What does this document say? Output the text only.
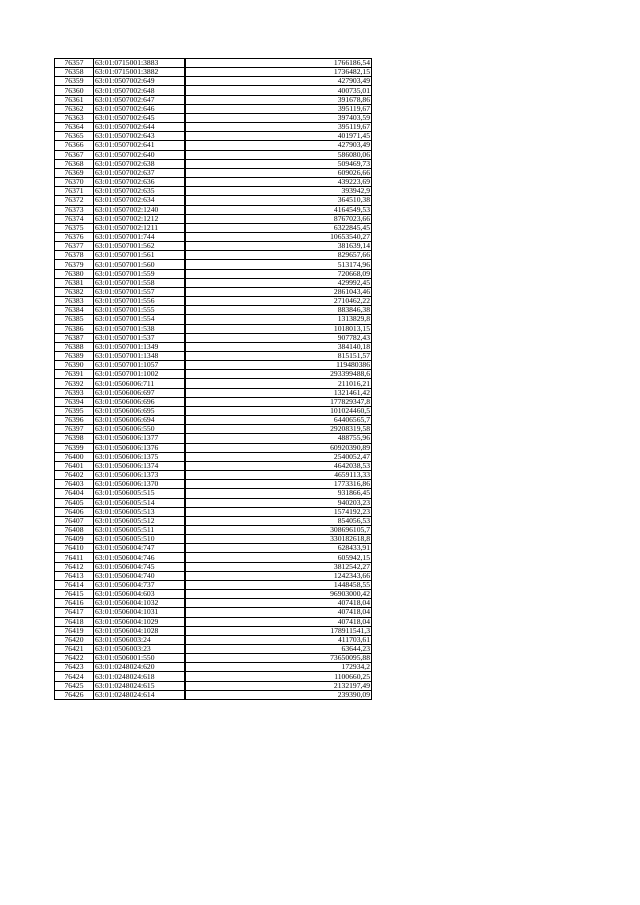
76357	63:01:0715001:3883	1766186,54
76358	63:01:0715001:3882	1736482,15
76359	63:01:0507002:649	427903,49
76360	63:01:0507002:648	400735,01
76361	63:01:0507002:647	391678,86
76362	63:01:0507002:646	395119,67
76363	63:01:0507002:645	397403,59
76364	63:01:0507002:644	395119,67
76365	63:01:0507002:643	401971,45
76366	63:01:0507002:641	427903,49
76367	63:01:0507002:640	586080,06
76368	63:01:0507002:638	509469,73
76369	63:01:0507002:637	609026,66
76370	63:01:0507002:636	439223,69
76371	63:01:0507002:635	393942,9
76372	63:01:0507002:634	364510,38
76373	63:01:0507002:1240	4164549,53
76374	63:01:0507002:1212	8767023,66
76375	63:01:0507002:1211	6322845,45
76376	63:01:0507001:744	10653540,27
76377	63:01:0507001:562	381639,14
76378	63:01:0507001:561	829657,66
76379	63:01:0507001:560	513174,96
76380	63:01:0507001:559	720668,09
76381	63:01:0507001:558	429992,45
76382	63:01:0507001:557	2861043,46
76383	63:01:0507001:556	2710462,22
76384	63:01:0507001:555	883846,38
76385	63:01:0507001:554	1313829,8
76386	63:01:0507001:538	1018013,15
76387	63:01:0507001:537	907782,43
76388	63:01:0507001:1349	384140,18
76389	63:01:0507001:1348	815151,57
76390	63:01:0507001:1057	119480386
76391	63:01:0507001:1002	293399488,6
76392	63:01:0506006:711	211016,21
76393	63:01:0506006:697	1321461,42
76394	63:01:0506006:696	177829347,8
76395	63:01:0506006:695	101024460,5
76396	63:01:0506006:694	64406565,7
76397	63:01:0506006:550	29208319,58
76398	63:01:0506006:1377	488755,96
76399	63:01:0506006:1376	60920390,89
76400	63:01:0506006:1375	2540052,47
76401	63:01:0506006:1374	4642038,53
76402	63:01:0506006:1373	4659113,33
76403	63:01:0506006:1370	1773316,86
76404	63:01:0506005:515	931866,45
76405	63:01:0506005:514	940203,23
76406	63:01:0506005:513	1574192,23
76407	63:01:0506005:512	854056,53
76408	63:01:0506005:511	308696105,7
76409	63:01:0506005:510	330182618,8
76410	63:01:0506004:747	628433,91
76411	63:01:0506004:746	605942,15
76412	63:01:0506004:745	3812542,27
76413	63:01:0506004:740	1242343,66
76414	63:01:0506004:737	1448458,55
76415	63:01:0506004:603	96903000,42
76416	63:01:0506004:1032	407418,04
76417	63:01:0506004:1031	407418,04
76418	63:01:0506004:1029	407418,04
76419	63:01:0506004:1028	178911541,3
76420	63:01:0506003:24	411703,61
76421	63:01:0506003:23	63644,23
76422	63:01:0506001:550	73650095,88
76423	63:01:0248024:620	172934,2
76424	63:01:0248024:618	1100660,25
76425	63:01:0248024:615	2132197,49
76426	63:01:0248024:614	239390,09
